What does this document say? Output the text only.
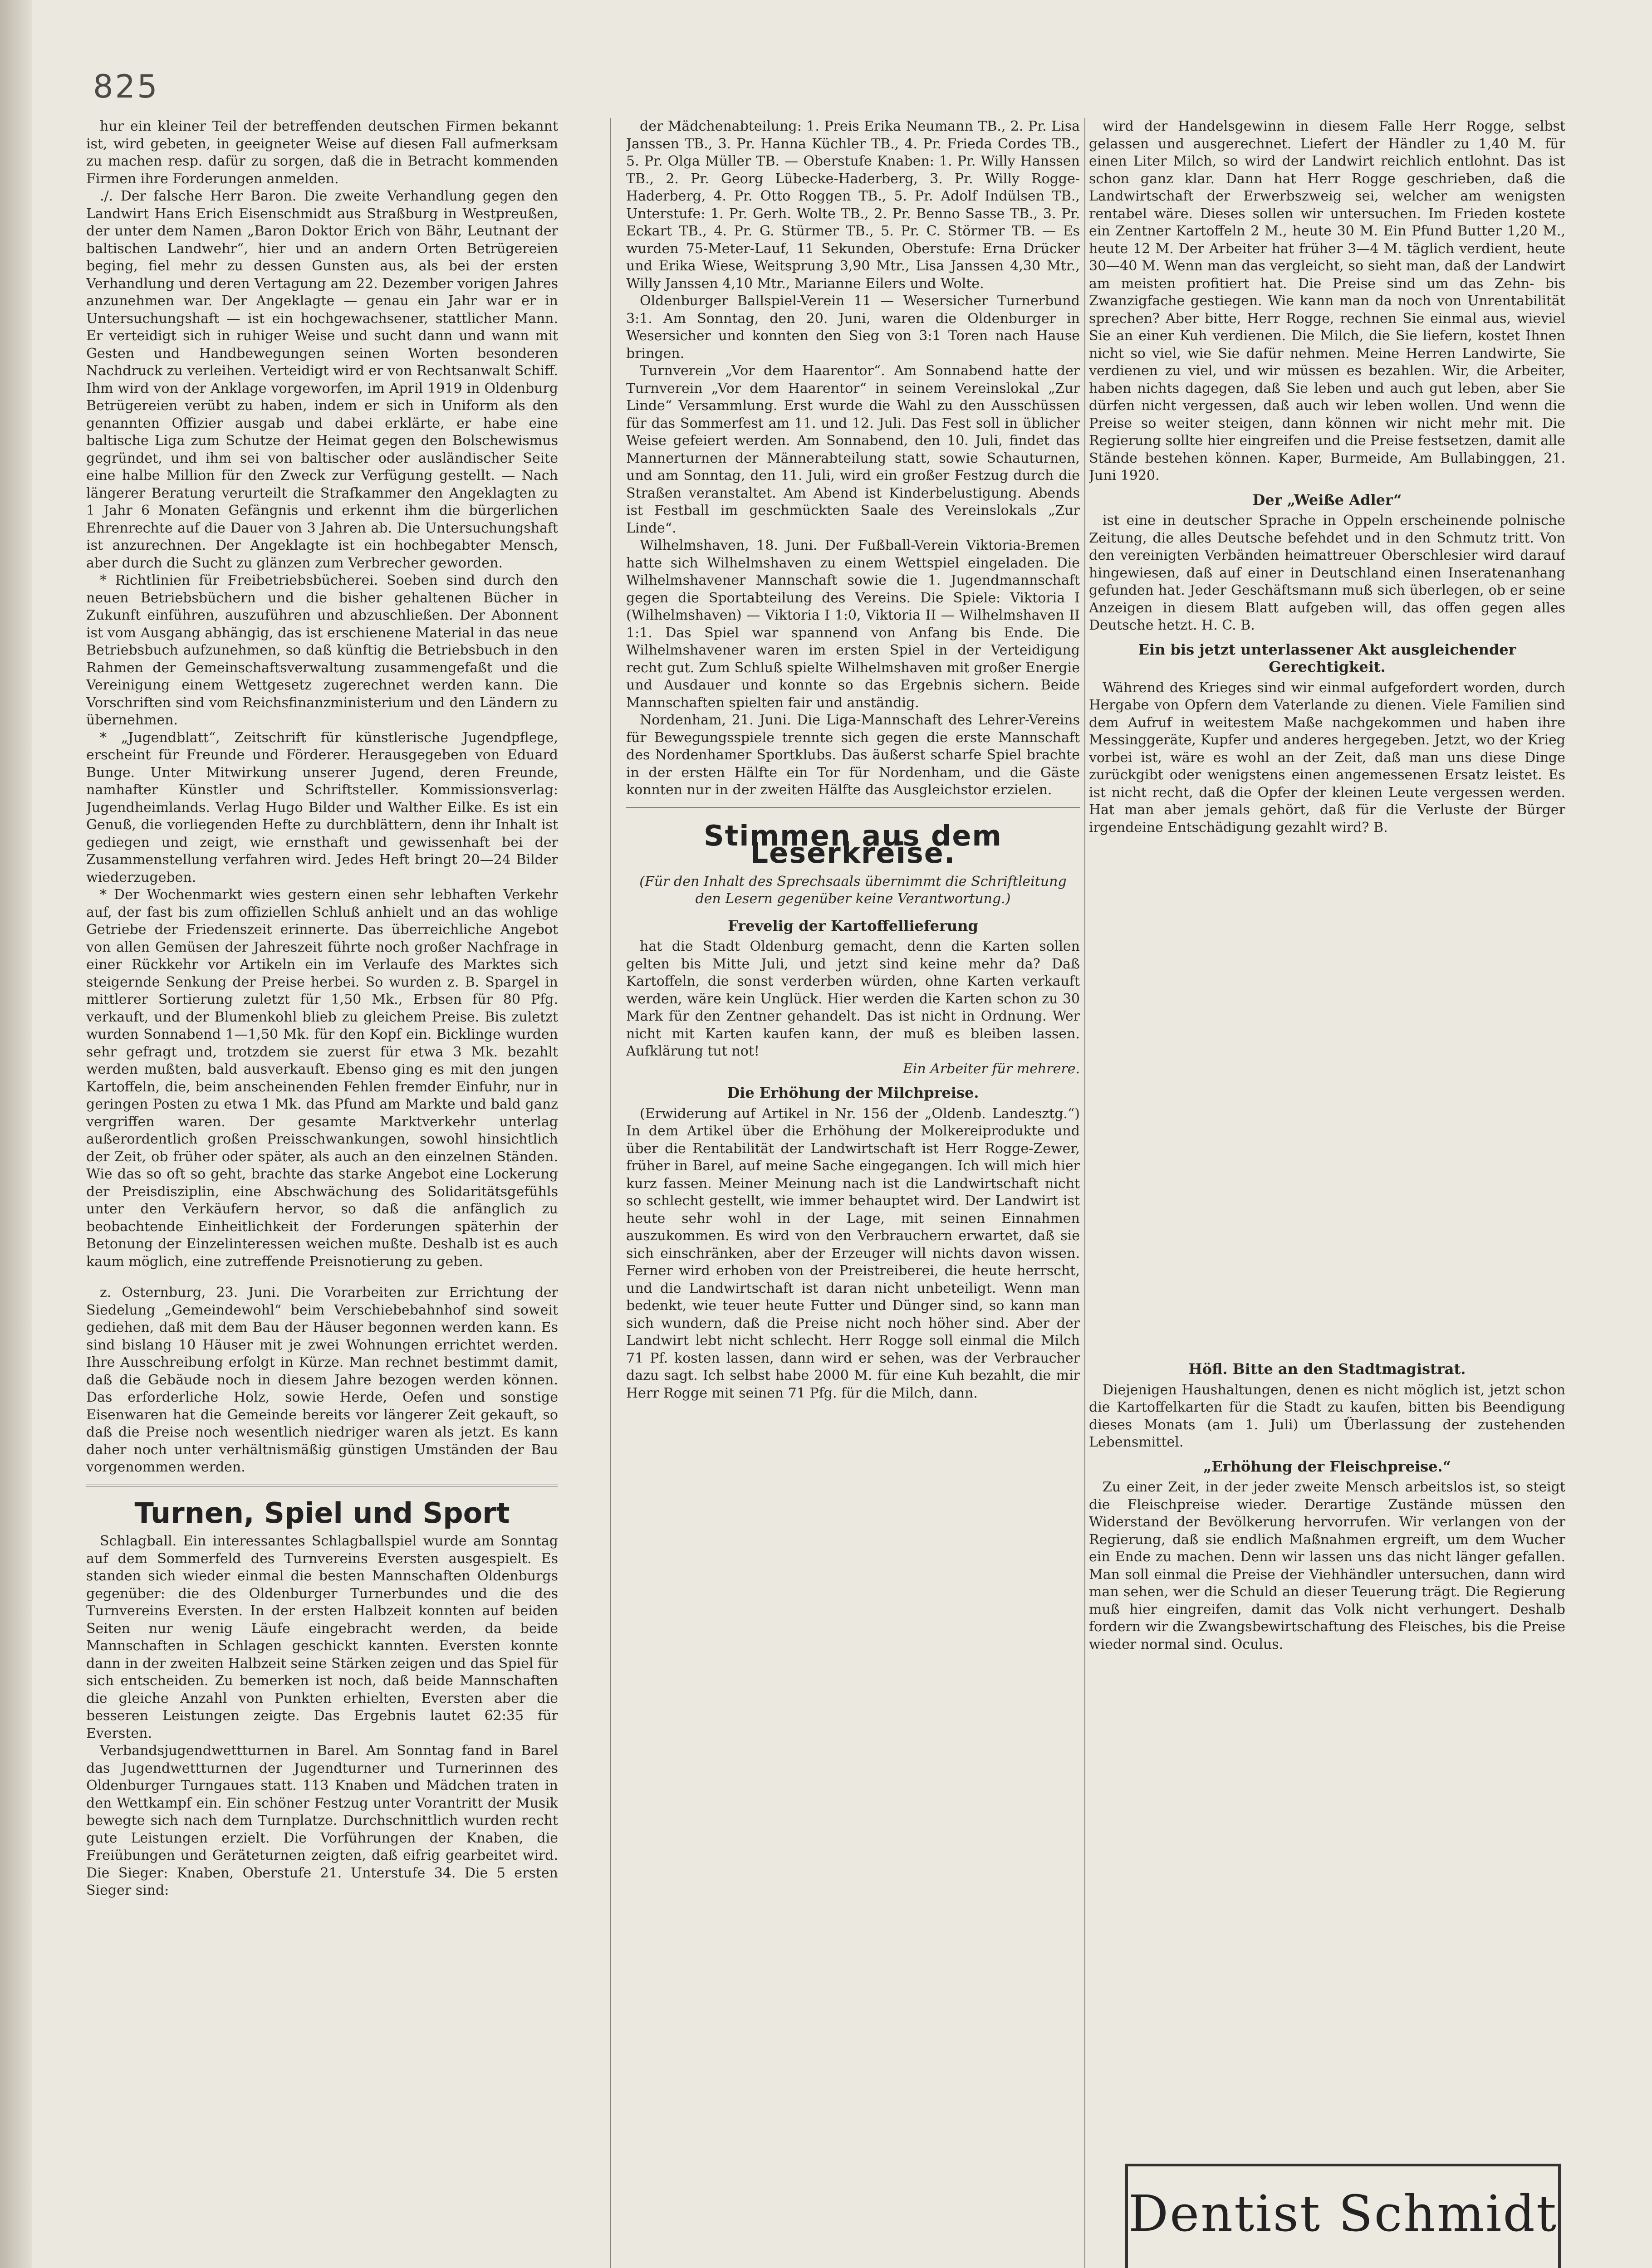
825

hur ein kleiner Teil der betreffenden deutschen Firmen bekannt ist, wird gebeten, in geeigneter Weise auf diesen Fall aufmerksam zu machen resp. dafür zu sorgen, daß die in Betracht kommenden Firmen ihre Forderungen anmelden.

./. Der falsche Herr Baron. Die zweite Verhandlung gegen den Landwirt Hans Erich Eisenschmidt aus Straßburg in Westpreußen, der unter dem Namen „Baron Doktor Erich von Bähr, Leutnant der baltischen Landwehr“, hier und an andern Orten Betrügereien beging, fiel mehr zu dessen Gunsten aus, als bei der ersten Verhandlung und deren Vertagung am 22. Dezember vorigen Jahres anzunehmen war. Der Angeklagte — genau ein Jahr war er in Untersuchungshaft — ist ein hochgewachsener, stattlicher Mann. Er verteidigt sich in ruhiger Weise und sucht dann und wann mit Gesten und Handbewegungen seinen Worten besonderen Nachdruck zu verleihen. Verteidigt wird er von Rechtsanwalt Schiff. Ihm wird von der Anklage vorgeworfen, im April 1919 in Oldenburg Betrügereien verübt zu haben, indem er sich in Uniform als den genannten Offizier ausgab und dabei erklärte, er habe eine baltische Liga zum Schutze der Heimat gegen den Bolschewismus gegründet, und ihm sei von baltischer oder ausländischer Seite eine halbe Million für den Zweck zur Verfügung gestellt. — Nach längerer Beratung verurteilt die Strafkammer den Angeklagten zu 1 Jahr 6 Monaten Gefängnis und erkennt ihm die bürgerlichen Ehrenrechte auf die Dauer von 3 Jahren ab. Die Untersuchungshaft ist anzurechnen. Der Angeklagte ist ein hochbegabter Mensch, aber durch die Sucht zu glänzen zum Verbrecher geworden.

* Richtlinien für Freibetriebsbücherei. Soeben sind durch den neuen Betriebsbüchern und die bisher gehaltenen Bücher in Zukunft einführen, auszuführen und abzuschließen. Der Abonnent ist vom Ausgang abhängig, das ist erschienene Material in das neue Betriebsbuch aufzunehmen, so daß künftig die Betriebsbuch in den Rahmen der Gemeinschaftsverwaltung zusammengefaßt und die Vereinigung einem Wettgesetz zugerechnet werden kann. Die Vorschriften sind vom Reichsfinanzministerium und den Ländern zu übernehmen.

* „Jugendblatt“, Zeitschrift für künstlerische Jugendpflege, erscheint für Freunde und Förderer. Herausgegeben von Eduard Bunge. Unter Mitwirkung unserer Jugend, deren Freunde, namhafter Künstler und Schriftsteller. Kommissionsverlag: Jugendheimlands. Verlag Hugo Bilder und Walther Eilke. Es ist ein Genuß, die vorliegenden Hefte zu durchblättern, denn ihr Inhalt ist gediegen und zeigt, wie ernsthaft und gewissenhaft bei der Zusammenstellung verfahren wird. Jedes Heft bringt 20—24 Bilder wiederzugeben.

* Der Wochenmarkt wies gestern einen sehr lebhaften Verkehr auf, der fast bis zum offiziellen Schluß anhielt und an das wohlige Getriebe der Friedenszeit erinnerte. Das überreichliche Angebot von allen Gemüsen der Jahreszeit führte noch großer Nachfrage in einer Rückkehr vor Artikeln ein im Verlaufe des Marktes sich steigernde Senkung der Preise herbei. So wurden z. B. Spargel in mittlerer Sortierung zuletzt für 1,50 Mk., Erbsen für 80 Pfg. verkauft, und der Blumenkohl blieb zu gleichem Preise. Bis zuletzt wurden Sonnabend 1—1,50 Mk. für den Kopf ein. Bicklinge wurden sehr gefragt und, trotzdem sie zuerst für etwa 3 Mk. bezahlt werden mußten, bald ausverkauft. Ebenso ging es mit den jungen Kartoffeln, die, beim anscheinenden Fehlen fremder Einfuhr, nur in geringen Posten zu etwa 1 Mk. das Pfund am Markte und bald ganz vergriffen waren. Der gesamte Marktverkehr unterlag außerordentlich großen Preisschwankungen, sowohl hinsichtlich der Zeit, ob früher oder später, als auch an den einzelnen Ständen. Wie das so oft so geht, brachte das starke Angebot eine Lockerung der Preisdisziplin, eine Abschwächung des Solidaritätsgefühls unter den Verkäufern hervor, so daß die anfänglich zu beobachtende Einheitlichkeit der Forderungen späterhin der Betonung der Einzelinteressen weichen mußte. Deshalb ist es auch kaum möglich, eine zutreffende Preisnotierung zu geben.

z. Osternburg, 23. Juni. Die Vorarbeiten zur Errichtung der Siedelung „Gemeindewohl“ beim Verschiebebahnhof sind soweit gediehen, daß mit dem Bau der Häuser begonnen werden kann. Es sind bislang 10 Häuser mit je zwei Wohnungen errichtet werden. Ihre Ausschreibung erfolgt in Kürze. Man rechnet bestimmt damit, daß die Gebäude noch in diesem Jahre bezogen werden können. Das erforderliche Holz, sowie Herde, Oefen und sonstige Eisenwaren hat die Gemeinde bereits vor längerer Zeit gekauft, so daß die Preise noch wesentlich niedriger waren als jetzt. Es kann daher noch unter verhältnismäßig günstigen Umständen der Bau vorgenommen werden.

Turnen, Spiel und Sport

Schlagball. Ein interessantes Schlagballspiel wurde am Sonntag auf dem Sommerfeld des Turnvereins Eversten ausgespielt. Es standen sich wieder einmal die besten Mannschaften Oldenburgs gegenüber: die des Oldenburger Turnerbundes und die des Turnvereins Eversten. In der ersten Halbzeit konnten auf beiden Seiten nur wenig Läufe eingebracht werden, da beide Mannschaften in Schlagen geschickt kannten. Eversten konnte dann in der zweiten Halbzeit seine Stärken zeigen und das Spiel für sich entscheiden. Zu bemerken ist noch, daß beide Mannschaften die gleiche Anzahl von Punkten erhielten, Eversten aber die besseren Leistungen zeigte. Das Ergebnis lautet 62:35 für Eversten.

Verbandsjugendwettturnen in Barel. Am Sonntag fand in Barel das Jugendwettturnen der Jugendturner und Turnerinnen des Oldenburger Turngaues statt. 113 Knaben und Mädchen traten in den Wettkampf ein. Ein schöner Festzug unter Vorantritt der Musik bewegte sich nach dem Turnplatze. Durchschnittlich wurden recht gute Leistungen erzielt. Die Vorführungen der Knaben, die Freiübungen und Geräteturnen zeigten, daß eifrig gearbeitet wird. Die Sieger: Knaben, Oberstufe 21. Unterstufe 34. Die 5 ersten Sieger sind:

der Mädchenabteilung: 1. Preis Erika Neumann TB., 2. Pr. Lisa Janssen TB., 3. Pr. Hanna Küchler TB., 4. Pr. Frieda Cordes TB., 5. Pr. Olga Müller TB. — Oberstufe Knaben: 1. Pr. Willy Hanssen TB., 2. Pr. Georg Lübecke-Haderberg, 3. Pr. Willy Rogge-Haderberg, 4. Pr. Otto Roggen TB., 5. Pr. Adolf Indülsen TB., Unterstufe: 1. Pr. Gerh. Wolte TB., 2. Pr. Benno Sasse TB., 3. Pr. Eckart TB., 4. Pr. G. Stürmer TB., 5. Pr. C. Störmer TB. — Es wurden 75-Meter-Lauf, 11 Sekunden, Oberstufe: Erna Drücker und Erika Wiese, Weitsprung 3,90 Mtr., Lisa Janssen 4,30 Mtr., Willy Janssen 4,10 Mtr., Marianne Eilers und Wolte.

Oldenburger Ballspiel-Verein 11 — Wesersicher Turnerbund 3:1. Am Sonntag, den 20. Juni, waren die Oldenburger in Wesersicher und konnten den Sieg von 3:1 Toren nach Hause bringen.

Turnverein „Vor dem Haarentor“. Am Sonnabend hatte der Turnverein „Vor dem Haarentor“ in seinem Vereinslokal „Zur Linde“ Versammlung. Erst wurde die Wahl zu den Ausschüssen für das Sommerfest am 11. und 12. Juli. Das Fest soll in üblicher Weise gefeiert werden. Am Sonnabend, den 10. Juli, findet das Mannerturnen der Männerabteilung statt, sowie Schauturnen, und am Sonntag, den 11. Juli, wird ein großer Festzug durch die Straßen veranstaltet. Am Abend ist Kinderbelustigung. Abends ist Festball im geschmückten Saale des Vereinslokals „Zur Linde“.

Wilhelmshaven, 18. Juni. Der Fußball-Verein Viktoria-Bremen hatte sich Wilhelmshaven zu einem Wettspiel eingeladen. Die Wilhelmshavener Mannschaft sowie die 1. Jugendmannschaft gegen die Sportabteilung des Vereins. Die Spiele: Viktoria I (Wilhelmshaven) — Viktoria I 1:0, Viktoria II — Wilhelmshaven II 1:1. Das Spiel war spannend von Anfang bis Ende. Die Wilhelmshavener waren im ersten Spiel in der Verteidigung recht gut. Zum Schluß spielte Wilhelmshaven mit großer Energie und Ausdauer und konnte so das Ergebnis sichern. Beide Mannschaften spielten fair und anständig.

Nordenham, 21. Juni. Die Liga-Mannschaft des Lehrer-Vereins für Bewegungsspiele trennte sich gegen die erste Mannschaft des Nordenhamer Sportklubs. Das äußerst scharfe Spiel brachte in der ersten Hälfte ein Tor für Nordenham, und die Gäste konnten nur in der zweiten Hälfte das Ausgleichstor erzielen.

Stimmen aus dem Leserkreise.
(Für den Inhalt des Sprechsaals übernimmt die Schriftleitung den Lesern gegenüber keine Verantwortung.)
Frevelig der Kartoffellieferung

hat die Stadt Oldenburg gemacht, denn die Karten sollen gelten bis Mitte Juli, und jetzt sind keine mehr da? Daß Kartoffeln, die sonst verderben würden, ohne Karten verkauft werden, wäre kein Unglück. Hier werden die Karten schon zu 30 Mark für den Zentner gehandelt. Das ist nicht in Ordnung. Wer nicht mit Karten kaufen kann, der muß es bleiben lassen. Aufklärung tut not!

Ein Arbeiter für mehrere.
Die Erhöhung der Milchpreise.

(Erwiderung auf Artikel in Nr. 156 der „Oldenb. Landesztg.“) In dem Artikel über die Erhöhung der Molkereiprodukte und über die Rentabilität der Landwirtschaft ist Herr Rogge-Zewer, früher in Barel, auf meine Sache eingegangen. Ich will mich hier kurz fassen. Meiner Meinung nach ist die Landwirtschaft nicht so schlecht gestellt, wie immer behauptet wird. Der Landwirt ist heute sehr wohl in der Lage, mit seinen Einnahmen auszukommen. Es wird von den Verbrauchern erwartet, daß sie sich einschränken, aber der Erzeuger will nichts davon wissen. Ferner wird erhoben von der Preistreiberei, die heute herrscht, und die Landwirtschaft ist daran nicht unbeteiligt. Wenn man bedenkt, wie teuer heute Futter und Dünger sind, so kann man sich wundern, daß die Preise nicht noch höher sind. Aber der Landwirt lebt nicht schlecht. Herr Rogge soll einmal die Milch 71 Pf. kosten lassen, dann wird er sehen, was der Verbraucher dazu sagt. Ich selbst habe 2000 M. für eine Kuh bezahlt, die mir Herr Rogge mit seinen 71 Pfg. für die Milch, dann.

wird der Handelsgewinn in diesem Falle Herr Rogge, selbst gelassen und ausgerechnet. Liefert der Händler zu 1,40 M. für einen Liter Milch, so wird der Landwirt reichlich entlohnt. Das ist schon ganz klar. Dann hat Herr Rogge geschrieben, daß die Landwirtschaft der Erwerbszweig sei, welcher am wenigsten rentabel wäre. Dieses sollen wir untersuchen. Im Frieden kostete ein Zentner Kartoffeln 2 M., heute 30 M. Ein Pfund Butter 1,20 M., heute 12 M. Der Arbeiter hat früher 3—4 M. täglich verdient, heute 30—40 M. Wenn man das vergleicht, so sieht man, daß der Landwirt am meisten profitiert hat. Die Preise sind um das Zehn- bis Zwanzigfache gestiegen. Wie kann man da noch von Unrentabilität sprechen? Aber bitte, Herr Rogge, rechnen Sie einmal aus, wieviel Sie an einer Kuh verdienen. Die Milch, die Sie liefern, kostet Ihnen nicht so viel, wie Sie dafür nehmen. Meine Herren Landwirte, Sie verdienen zu viel, und wir müssen es bezahlen. Wir, die Arbeiter, haben nichts dagegen, daß Sie leben und auch gut leben, aber Sie dürfen nicht vergessen, daß auch wir leben wollen. Und wenn die Preise so weiter steigen, dann können wir nicht mehr mit. Die Regierung sollte hier eingreifen und die Preise festsetzen, damit alle Stände bestehen können. Kaper, Burmeide, Am Bullabinggen, 21. Juni 1920.

Der „Weiße Adler“

ist eine in deutscher Sprache in Oppeln erscheinende polnische Zeitung, die alles Deutsche befehdet und in den Schmutz tritt. Von den vereinigten Verbänden heimattreuer Oberschlesier wird darauf hingewiesen, daß auf einer in Deutschland einen Inseratenanhang gefunden hat. Jeder Geschäftsmann muß sich überlegen, ob er seine Anzeigen in diesem Blatt aufgeben will, das offen gegen alles Deutsche hetzt. H. C. B.

Ein bis jetzt unterlassener Akt ausgleichender Gerechtigkeit.

Während des Krieges sind wir einmal aufgefordert worden, durch Hergabe von Opfern dem Vaterlande zu dienen. Viele Familien sind dem Aufruf in weitestem Maße nachgekommen und haben ihre Messinggeräte, Kupfer und anderes hergegeben. Jetzt, wo der Krieg vorbei ist, wäre es wohl an der Zeit, daß man uns diese Dinge zurückgibt oder wenigstens einen angemessenen Ersatz leistet. Es ist nicht recht, daß die Opfer der kleinen Leute vergessen werden. Hat man aber jemals gehört, daß für die Verluste der Bürger irgendeine Entschädigung gezahlt wird? B.

Höfl. Bitte an den Stadtmagistrat.

Diejenigen Haushaltungen, denen es nicht möglich ist, jetzt schon die Kartoffelkarten für die Stadt zu kaufen, bitten bis Beendigung dieses Monats (am 1. Juli) um Überlassung der zustehenden Lebensmittel.

„Erhöhung der Fleischpreise.“

Zu einer Zeit, in der jeder zweite Mensch arbeitslos ist, so steigt die Fleischpreise wieder. Derartige Zustände müssen den Widerstand der Bevölkerung hervorrufen. Wir verlangen von der Regierung, daß sie endlich Maßnahmen ergreift, um dem Wucher ein Ende zu machen. Denn wir lassen uns das nicht länger gefallen. Man soll einmal die Preise der Viehhändler untersuchen, dann wird man sehen, wer die Schuld an dieser Teuerung trägt. Die Regierung muß hier eingreifen, damit das Volk nicht verhungert. Deshalb fordern wir die Zwangsbewirtschaftung des Fleisches, bis die Preise wieder normal sind. Oculus.

Dentist Schmidt
